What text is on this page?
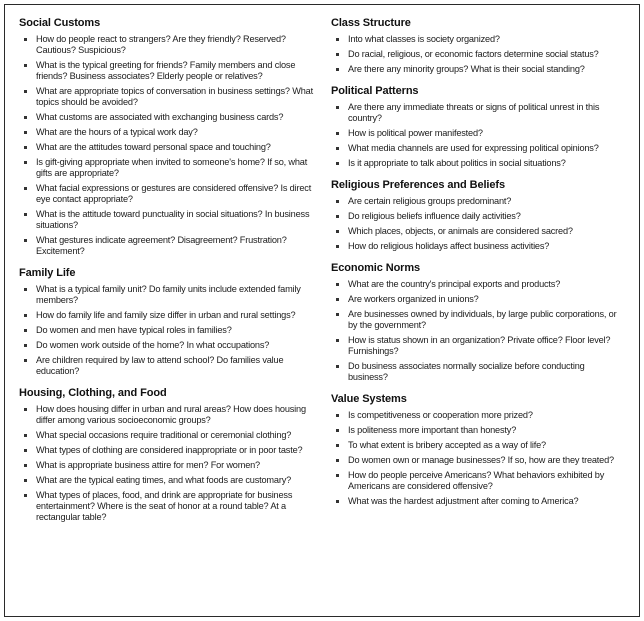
Social Customs
How do people react to strangers? Are they friendly? Reserved? Cautious? Suspicious?
What is the typical greeting for friends? Family members and close friends? Business associates? Elderly people or relatives?
What are appropriate topics of conversation in business settings? What topics should be avoided?
What customs are associated with exchanging business cards?
What are the hours of a typical work day?
What are the attitudes toward personal space and touching?
Is gift-giving appropriate when invited to someone's home? If so, what gifts are appropriate?
What facial expressions or gestures are considered offensive? Is direct eye contact appropriate?
What is the attitude toward punctuality in social situations? In business situations?
What gestures indicate agreement? Disagreement? Frustration? Excitement?
Family Life
What is a typical family unit? Do family units include extended family members?
How do family life and family size differ in urban and rural settings?
Do women and men have typical roles in families?
Do women work outside of the home? In what occupations?
Are children required by law to attend school? Do families value education?
Housing, Clothing, and Food
How does housing differ in urban and rural areas? How does housing differ among various socioeconomic groups?
What special occasions require traditional or ceremonial clothing?
What types of clothing are considered inappropriate or in poor taste?
What is appropriate business attire for men? For women?
What are the typical eating times, and what foods are customary?
What types of places, food, and drink are appropriate for business entertainment? Where is the seat of honor at a round table? At a rectangular table?
Class Structure
Into what classes is society organized?
Do racial, religious, or economic factors determine social status?
Are there any minority groups? What is their social standing?
Political Patterns
Are there any immediate threats or signs of political unrest in this country?
How is political power manifested?
What media channels are used for expressing political opinions?
Is it appropriate to talk about politics in social situations?
Religious Preferences and Beliefs
Are certain religious groups predominant?
Do religious beliefs influence daily activities?
Which places, objects, or animals are considered sacred?
How do religious holidays affect business activities?
Economic Norms
What are the country's principal exports and products?
Are workers organized in unions?
Are businesses owned by individuals, by large public corporations, or by the government?
How is status shown in an organization? Private office? Floor level? Furnishings?
Do business associates normally socialize before conducting business?
Value Systems
Is competitiveness or cooperation more prized?
Is politeness more important than honesty?
To what extent is bribery accepted as a way of life?
Do women own or manage businesses? If so, how are they treated?
How do people perceive Americans? What behaviors exhibited by Americans are considered offensive?
What was the hardest adjustment after coming to America?
